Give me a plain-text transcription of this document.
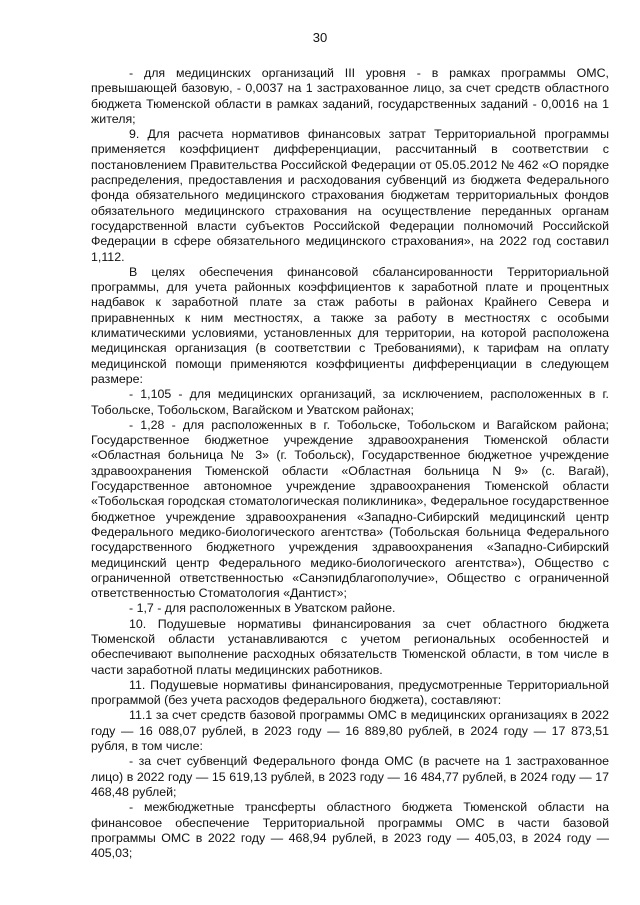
30

- для медицинских организаций III уровня - в рамках программы ОМС, превышающей базовую, - 0,0037 на 1 застрахованное лицо, за счет средств областного бюджета Тюменской области в рамках заданий, государственных заданий - 0,0016 на 1 жителя;

9. Для расчета нормативов финансовых затрат Территориальной программы применяется коэффициент дифференциации, рассчитанный в соответствии с постановлением Правительства Российской Федерации от 05.05.2012 № 462 «О порядке распределения, предоставления и расходования субвенций из бюджета Федерального фонда обязательного медицинского страхования бюджетам территориальных фондов обязательного медицинского страхования на осуществление переданных органам государственной власти субъектов Российской Федерации полномочий Российской Федерации в сфере обязательного медицинского страхования», на 2022 год составил 1,112.

В целях обеспечения финансовой сбалансированности Территориальной программы, для учета районных коэффициентов к заработной плате и процентных надбавок к заработной плате за стаж работы в районах Крайнего Севера и приравненных к ним местностях, а также за работу в местностях с особыми климатическими условиями, установленных для территории, на которой расположена медицинская организация (в соответствии с Требованиями), к тарифам на оплату медицинской помощи применяются коэффициенты дифференциации в следующем размере:

- 1,105 - для медицинских организаций, за исключением, расположенных в г. Тобольске, Тобольском, Вагайском и Уватском районах;

- 1,28 - для расположенных в г. Тобольске, Тобольском и Вагайском района; Государственное бюджетное учреждение здравоохранения Тюменской области «Областная больница № 3» (г. Тобольск), Государственное бюджетное учреждение здравоохранения Тюменской области «Областная больница N 9» (с. Вагай), Государственное автономное учреждение здравоохранения Тюменской области «Тобольская городская стоматологическая поликлиника», Федеральное государственное бюджетное учреждение здравоохранения «Западно-Сибирский медицинский центр Федерального медико-биологического агентства» (Тобольская больница Федерального государственного бюджетного учреждения здравоохранения «Западно-Сибирский медицинский центр Федерального медико-биологического агентства»), Общество с ограниченной ответственностью «Санэпидблагополучие», Общество с ограниченной ответственностью Стоматология «Дантист»;

- 1,7 - для расположенных в Уватском районе.

10. Подушевые нормативы финансирования за счет областного бюджета Тюменской области устанавливаются с учетом региональных особенностей и обеспечивают выполнение расходных обязательств Тюменской области, в том числе в части заработной платы медицинских работников.

11. Подушевые нормативы финансирования, предусмотренные Территориальной программой (без учета расходов федерального бюджета), составляют:

11.1 за счет средств базовой программы ОМС в медицинских организациях в 2022 году — 16 088,07 рублей, в 2023 году — 16 889,80 рублей, в 2024 году — 17 873,51 рубля, в том числе:

- за счет субвенций Федерального фонда ОМС (в расчете на 1 застрахованное лицо) в 2022 году — 15 619,13 рублей, в 2023 году — 16 484,77 рублей, в 2024 году — 17 468,48 рублей;

- межбюджетные трансферты областного бюджета Тюменской области на финансовое обеспечение Территориальной программы ОМС в части базовой программы ОМС в 2022 году — 468,94 рублей, в 2023 году — 405,03, в 2024 году — 405,03;
